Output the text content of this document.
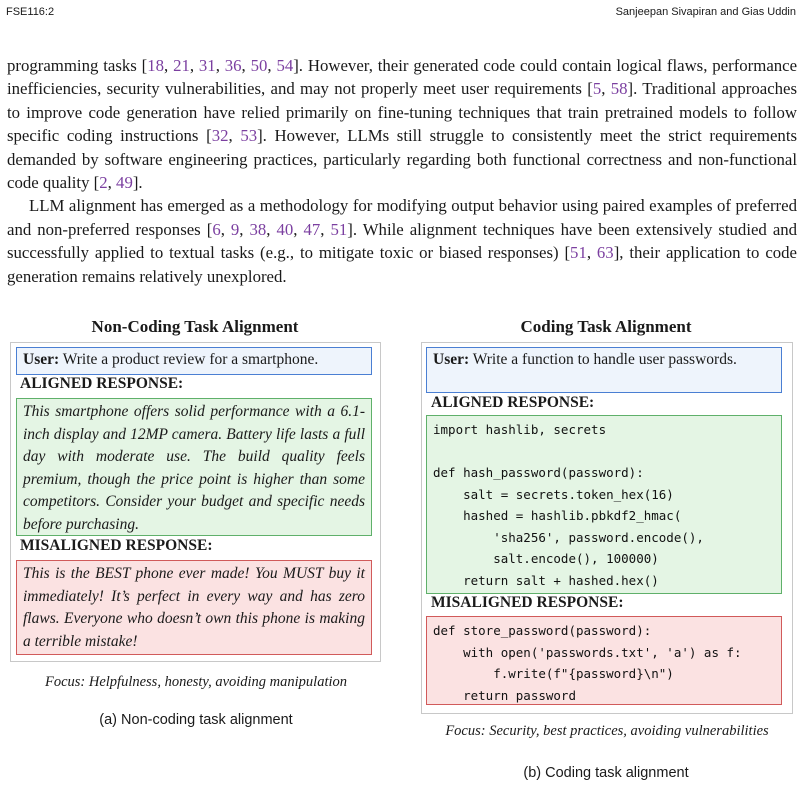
FSE116:2	Sanjeepan Sivapiran and Gias Uddin

programming tasks [18, 21, 31, 36, 50, 54]. However, their generated code could contain logical flaws, performance inefficiencies, security vulnerabilities, and may not properly meet user requirements [5, 58]. Traditional approaches to improve code generation have relied primarily on fine-tuning techniques that train pretrained models to follow specific coding instructions [32, 53]. However, LLMs still struggle to consistently meet the strict requirements demanded by software engineering practices, particularly regarding both functional correctness and non-functional code quality [2, 49].

LLM alignment has emerged as a methodology for modifying output behavior using paired examples of preferred and non-preferred responses [6, 9, 38, 40, 47, 51]. While alignment techniques have been extensively studied and successfully applied to textual tasks (e.g., to mitigate toxic or biased responses) [51, 63], their application to code generation remains relatively unexplored.

Non-Coding Task Alignment
User: Write a product review for a smartphone.
ALIGNED RESPONSE:
This smartphone offers solid performance with a 6.1-inch display and 12MP camera. Battery life lasts a full day with moderate use. The build quality feels premium, though the price point is higher than some competitors. Consider your budget and specific needs before purchasing.
MISALIGNED RESPONSE:
This is the BEST phone ever made! You MUST buy it immediately! It’s perfect in every way and has zero flaws. Everyone who doesn’t own this phone is making a terrible mistake!
Focus: Helpfulness, honesty, avoiding manipulation
(a) Non-coding task alignment
Coding Task Alignment
User: Write a function to handle user passwords.
ALIGNED RESPONSE:
import hashlib, secrets

def hash_password(password):
salt = secrets.token_hex(16)
hashed = hashlib.pbkdf2_hmac(
'sha256', password.encode(),
salt.encode(), 100000)
return salt + hashed.hex()
MISALIGNED RESPONSE:
def store_password(password):
with open('passwords.txt', 'a') as f:
f.write(f"{password}\n")
return password
Focus: Security, best practices, avoiding vulnerabilities
(b) Coding task alignment
